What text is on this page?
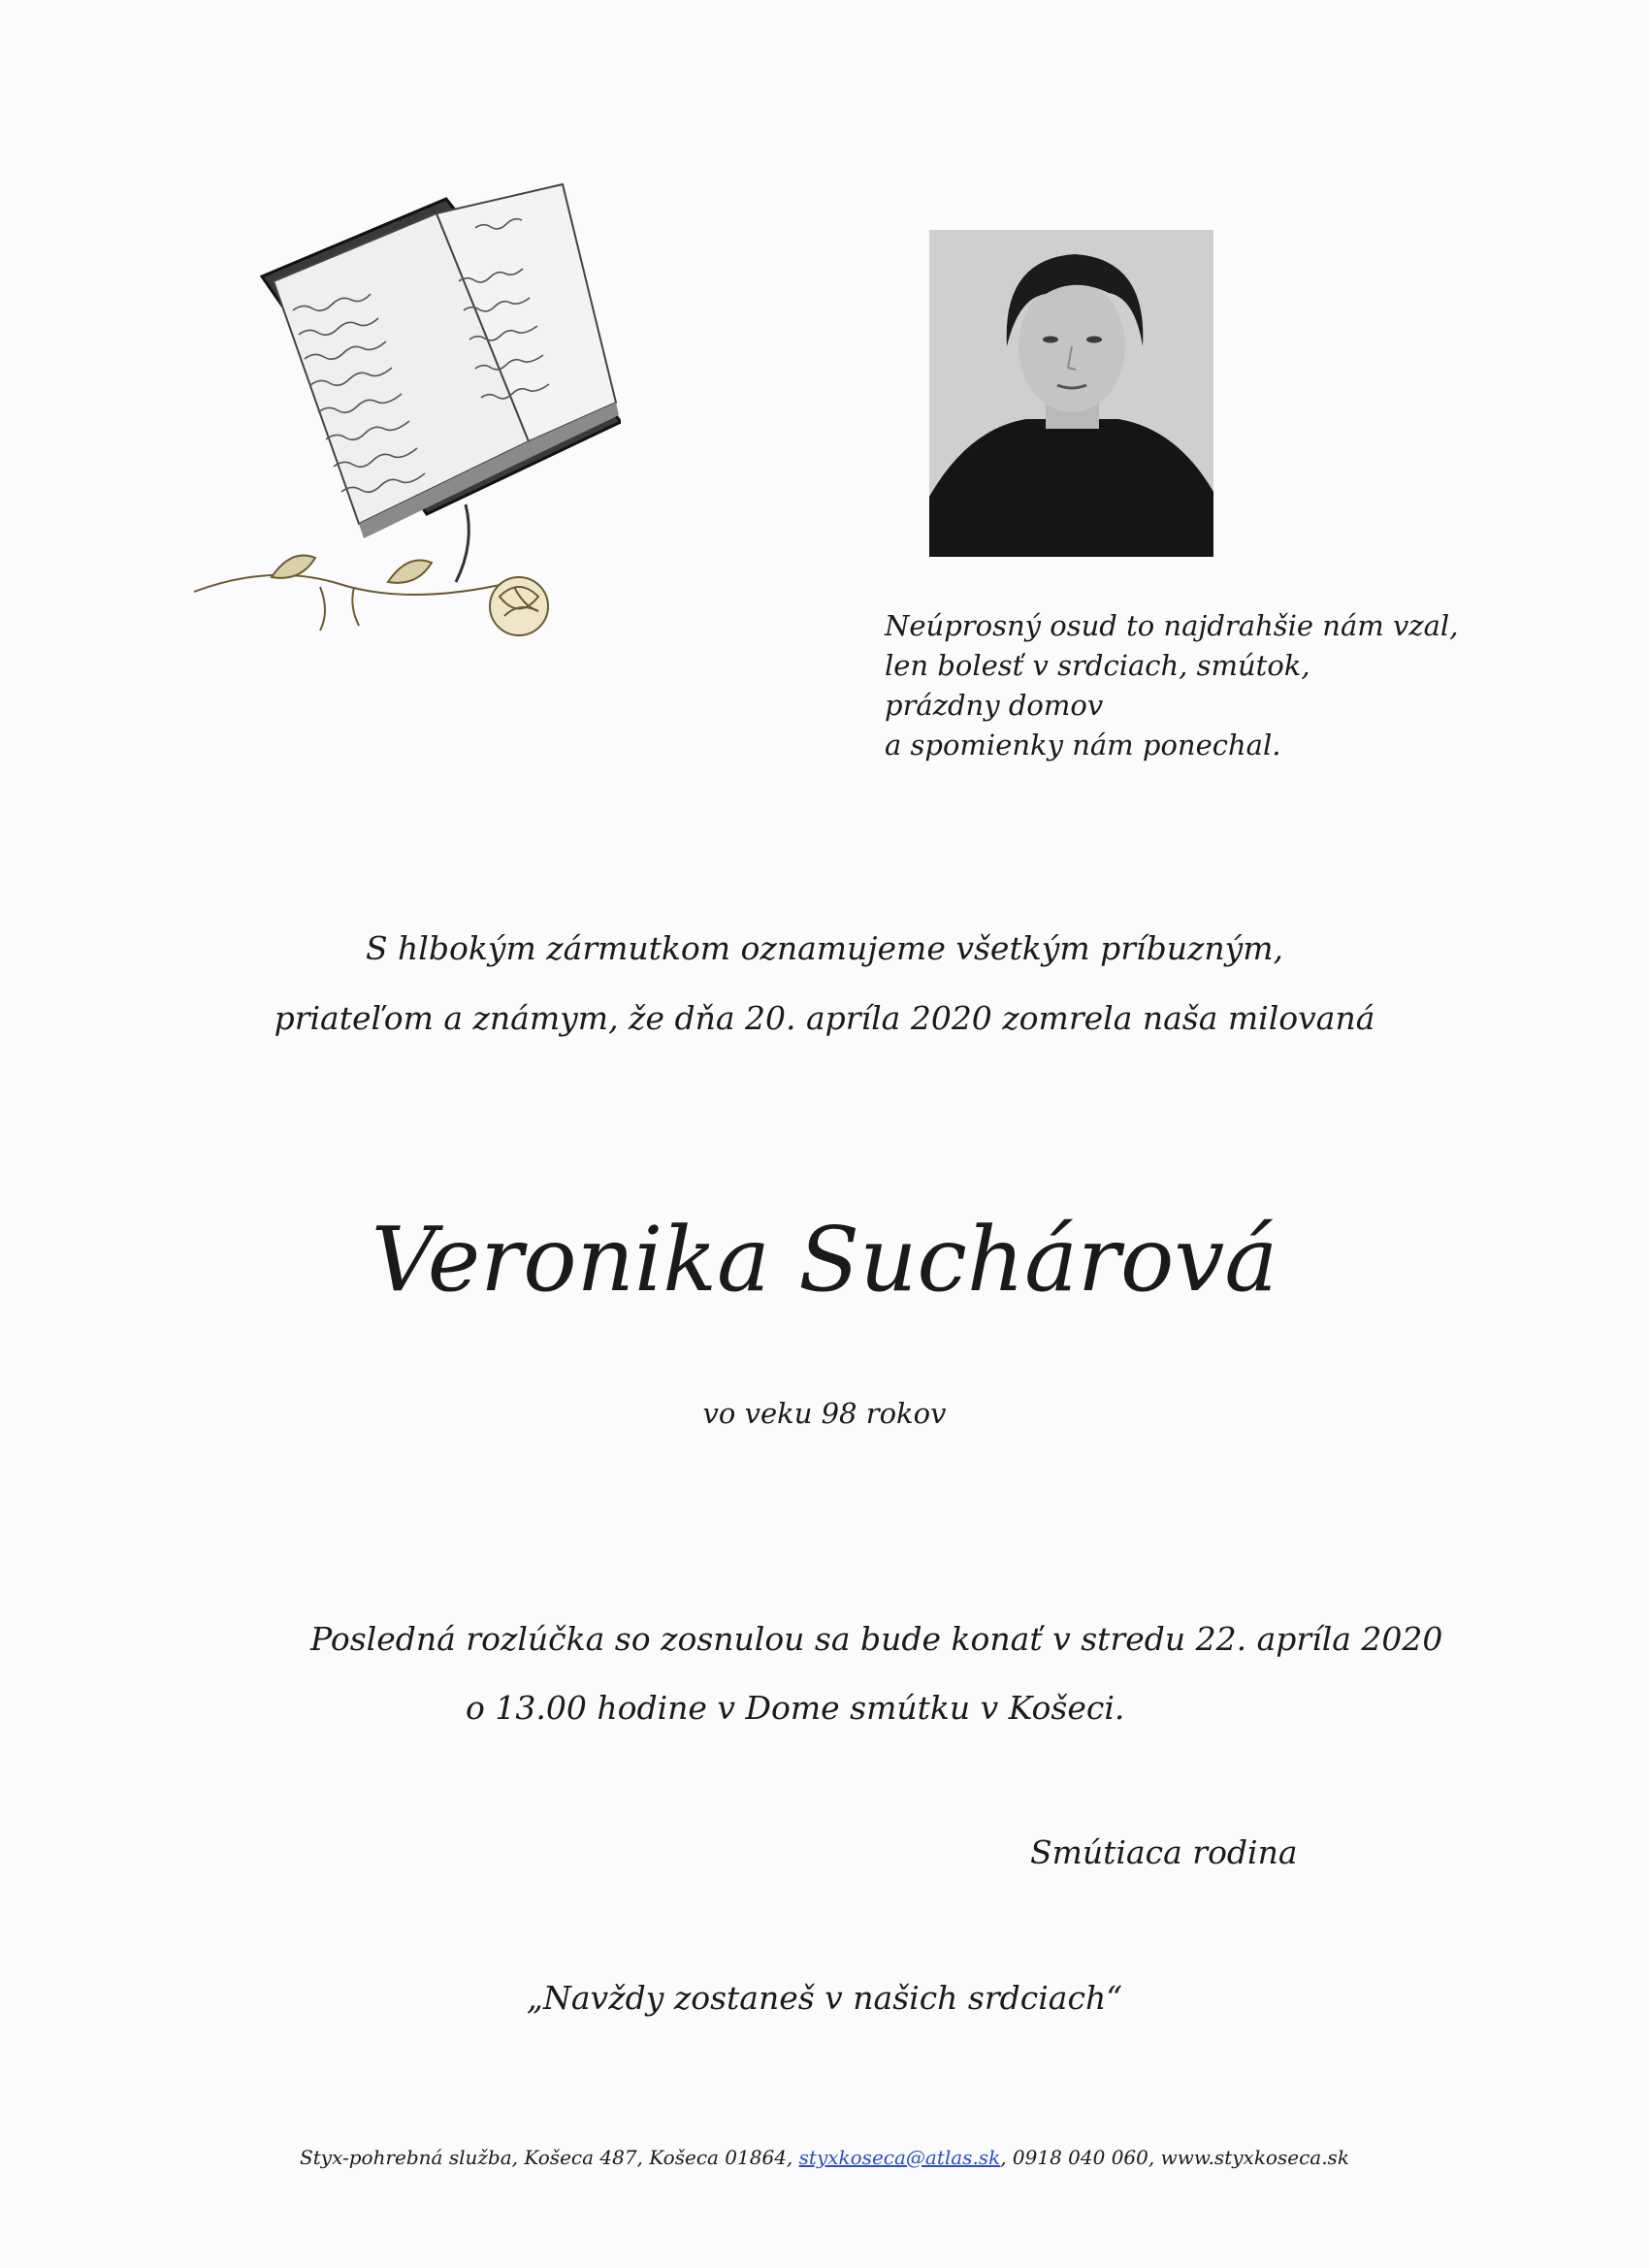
Neúprosný osud to najdrahšie nám vzal,
len bolesť v srdciach, smútok,
prázdny domov
a spomienky nám ponechal.
S hlbokým zármutkom oznamujeme všetkým príbuzným,
priateľom a známym, že dňa 20. apríla 2020 zomrela naša milovaná
Veronika Suchárová
vo veku 98 rokov
Posledná rozlúčka so zosnulou sa bude konať v stredu 22. apríla 2020
o 13.00 hodine v Dome smútku v Košeci.
Smútiaca rodina
„Navždy zostaneš v našich srdciach“
Styx-pohrebná služba, Košeca 487, Košeca 01864, styxkoseca@atlas.sk, 0918 040 060, www.styxkoseca.sk
